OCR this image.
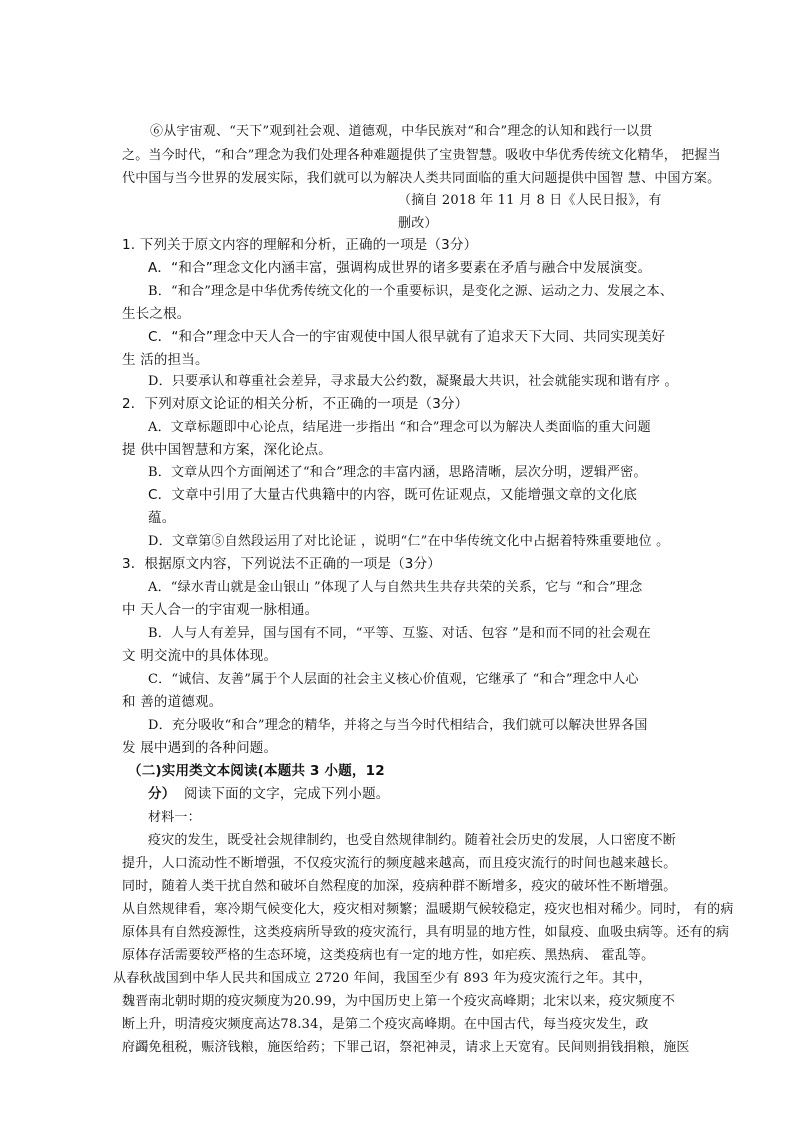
⑥从宇宙观、“天下”观到社会观、道德观，中华民族对“和合”理念的认知和践行一以贯
之。当今时代，“和合”理念为我们处理各种难题提供了宝贵智慧。吸收中华优秀传统文化精华， 把握当
代中国与当今世界的发展实际，我们就可以为解决人类共同面临的重大问题提供中国智 慧、中国方案。
（摘自 2018 年 11 月 8 日《人民日报》，有
删改）
1. 下列关于原文内容的理解和分析，正确的一项是（3分）
A．“和合”理念文化内涵丰富，强调构成世界的诸多要素在矛盾与融合中发展演变。
B．“和合”理念是中华优秀传统文化的一个重要标识，是变化之源、运动之力、发展之本、
生长之根。
C．“和合”理念中天人合一的宇宙观使中国人很早就有了追求天下大同、共同实现美好
生 活的担当。
D．只要承认和尊重社会差异，寻求最大公约数，凝聚最大共识，社会就能实现和谐有序 。
2．下列对原文论证的相关分析，不正确的一项是（3分）
A．文章标题即中心论点，结尾进一步指出 “和合”理念可以为解决人类面临的重大问题
提 供中国智慧和方案，深化论点。
B．文章从四个方面阐述了“和合”理念的丰富内涵，思路清晰，层次分明，逻辑严密。
C．文章中引用了大量古代典籍中的内容，既可佐证观点，又能增强文章的文化底
蕴。
D．文章第⑤自然段运用了对比论证 ，说明“仁”在中华传统文化中占据着特殊重要地位 。
3．根据原文内容，下列说法不正确的一项是（3分）
A．“绿水青山就是金山银山 ”体现了人与自然共生共存共荣的关系，它与 “和合”理念
中 天人合一的宇宙观一脉相通。
B．人与人有差异，国与国有不同，“平等、互鉴、对话、包容 ”是和而不同的社会观在
文 明交流中的具体体现。
C．“诚信、友善”属于个人层面的社会主义核心价值观，它继承了 “和合”理念中人心
和 善的道德观。
D．充分吸收“和合”理念的精华，并将之与当今时代相结合，我们就可以解决世界各国
发 展中遇到的各种问题。
（二)实用类文本阅读(本题共 3 小题，12
分） 阅读下面的文字，完成下列小题。
材料一：
疫灾的发生，既受社会规律制约，也受自然规律制约。随着社会历史的发展，人口密度不断
提升，人口流动性不断增强，不仅疫灾流行的频度越来越高，而且疫灾流行的时间也越来越长。
同时，随着人类干扰自然和破坏自然程度的加深，疫病种群不断增多，疫灾的破坏性不断增强。
从自然规律看，寒冷期气候变化大，疫灾相对频繁；温暖期气候较稳定，疫灾也相对稀少。同时， 有的病
原体具有自然疫源性，这类疫病所导致的疫灾流行，具有明显的地方性，如鼠疫、血吸虫病等。还有的病
原体存活需要较严格的生态环境，这类疫病也有一定的地方性，如疟疾、黑热病、 霍乱等。
从春秋战国到中华人民共和国成立 2720 年间，我国至少有 893 年为疫灾流行之年。其中，
魏晋南北朝时期的疫灾频度为20.99，为中国历史上第一个疫灾高峰期；北宋以来，疫灾频度不
断上升，明清疫灾频度高达78.34，是第二个疫灾高峰期。在中国古代，每当疫灾发生，政
府蠲免租税，赈济钱粮，施医给药；下罪己诏，祭祀神灵，请求上天宽宥。民间则捐钱捐粮，施医
